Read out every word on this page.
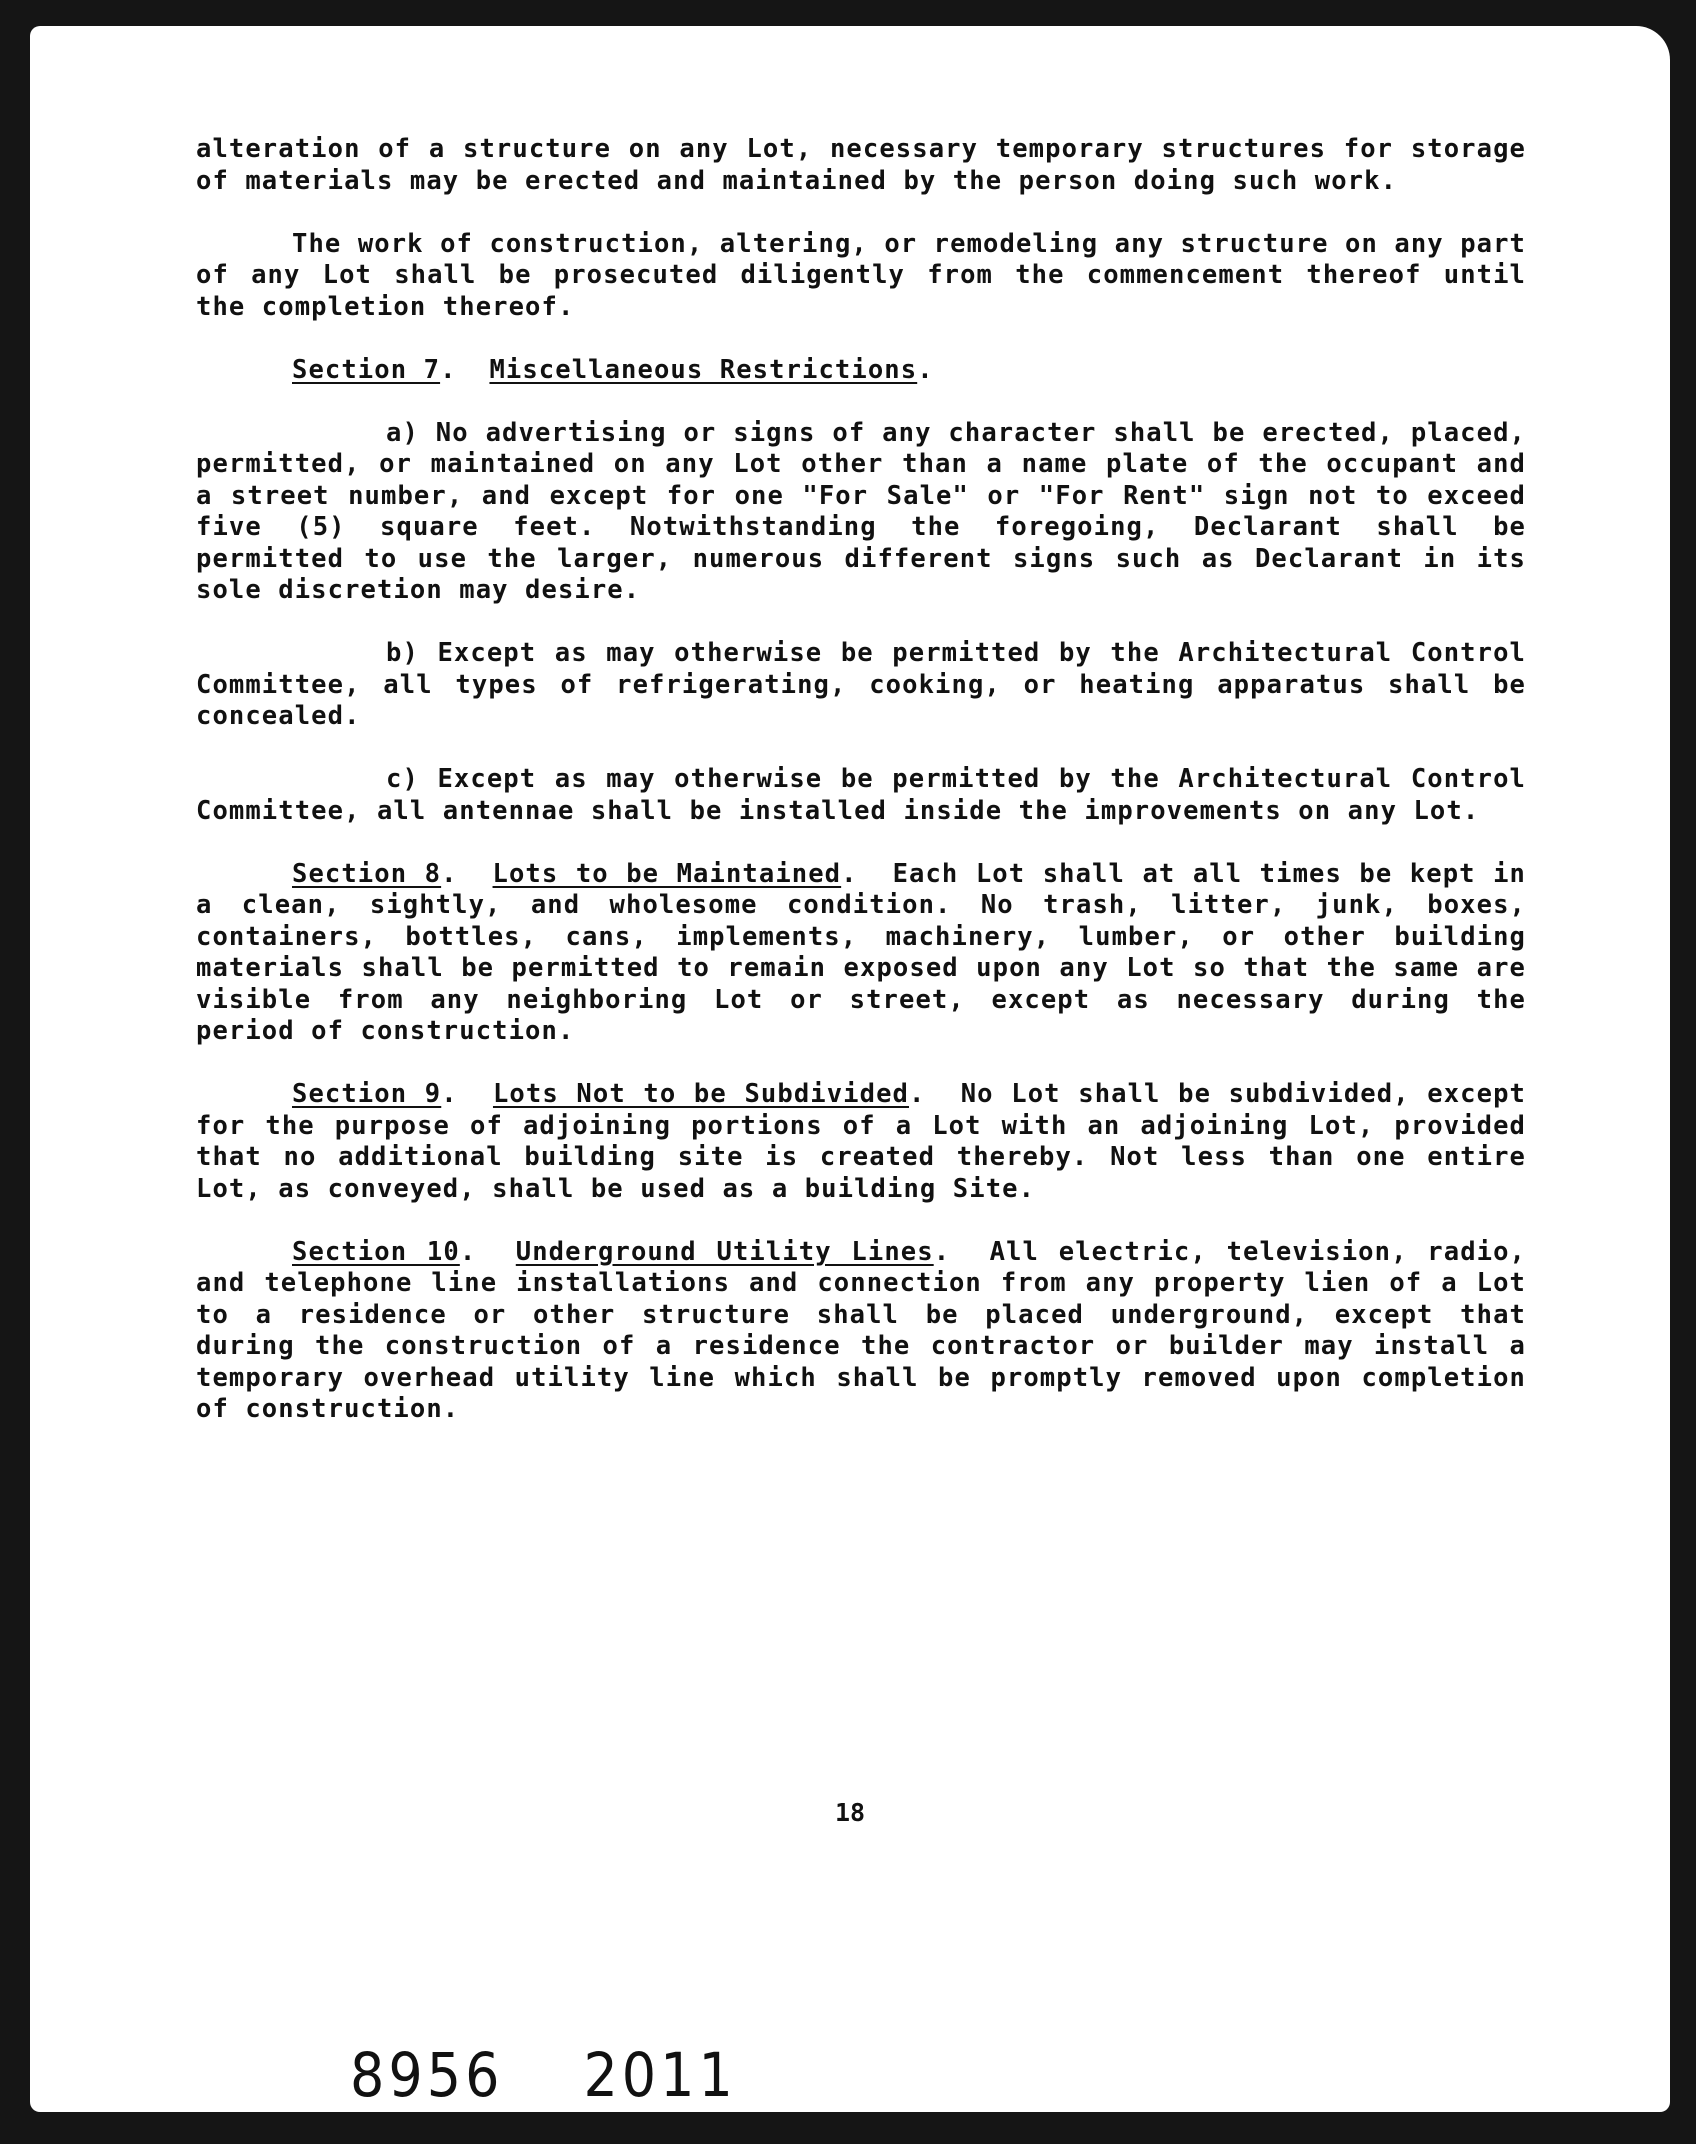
alteration of a structure on any Lot, necessary temporary structures for storage of materials may be erected and maintained by the person doing such work.

The work of construction, altering, or remodeling any structure on any part of any Lot shall be prosecuted diligently from the commencement thereof until the completion thereof.

Section 7.  Miscellaneous Restrictions.

a) No advertising or signs of any character shall be erected, placed, permitted, or maintained on any Lot other than a name plate of the occupant and a street number, and except for one "For Sale" or "For Rent" sign not to exceed five (5) square feet. Notwithstanding the foregoing, Declarant shall be permitted to use the larger, numerous different signs such as Declarant in its sole discretion may desire.

b) Except as may otherwise be permitted by the Architectural Control Committee, all types of refrigerating, cooking, or heating apparatus shall be concealed.

c) Except as may otherwise be permitted by the Architectural Control Committee, all antennae shall be installed inside the improvements on any Lot.

Section 8.  Lots to be Maintained.  Each Lot shall at all times be kept in a clean, sightly, and wholesome condition. No trash, litter, junk, boxes, containers, bottles, cans, implements, machinery, lumber, or other building materials shall be permitted to remain exposed upon any Lot so that the same are visible from any neighboring Lot or street, except as necessary during the period of construction.

Section 9.  Lots Not to be Subdivided.  No Lot shall be subdivided, except for the purpose of adjoining portions of a Lot with an adjoining Lot, provided that no additional building site is created thereby. Not less than one entire Lot, as conveyed, shall be used as a building Site.

Section 10.  Underground Utility Lines.  All electric, television, radio, and telephone line installations and connection from any property lien of a Lot to a residence or other structure shall be placed underground, except that during the construction of a residence the contractor or builder may install a temporary overhead utility line which shall be promptly removed upon completion of construction.

18
8956 2011
